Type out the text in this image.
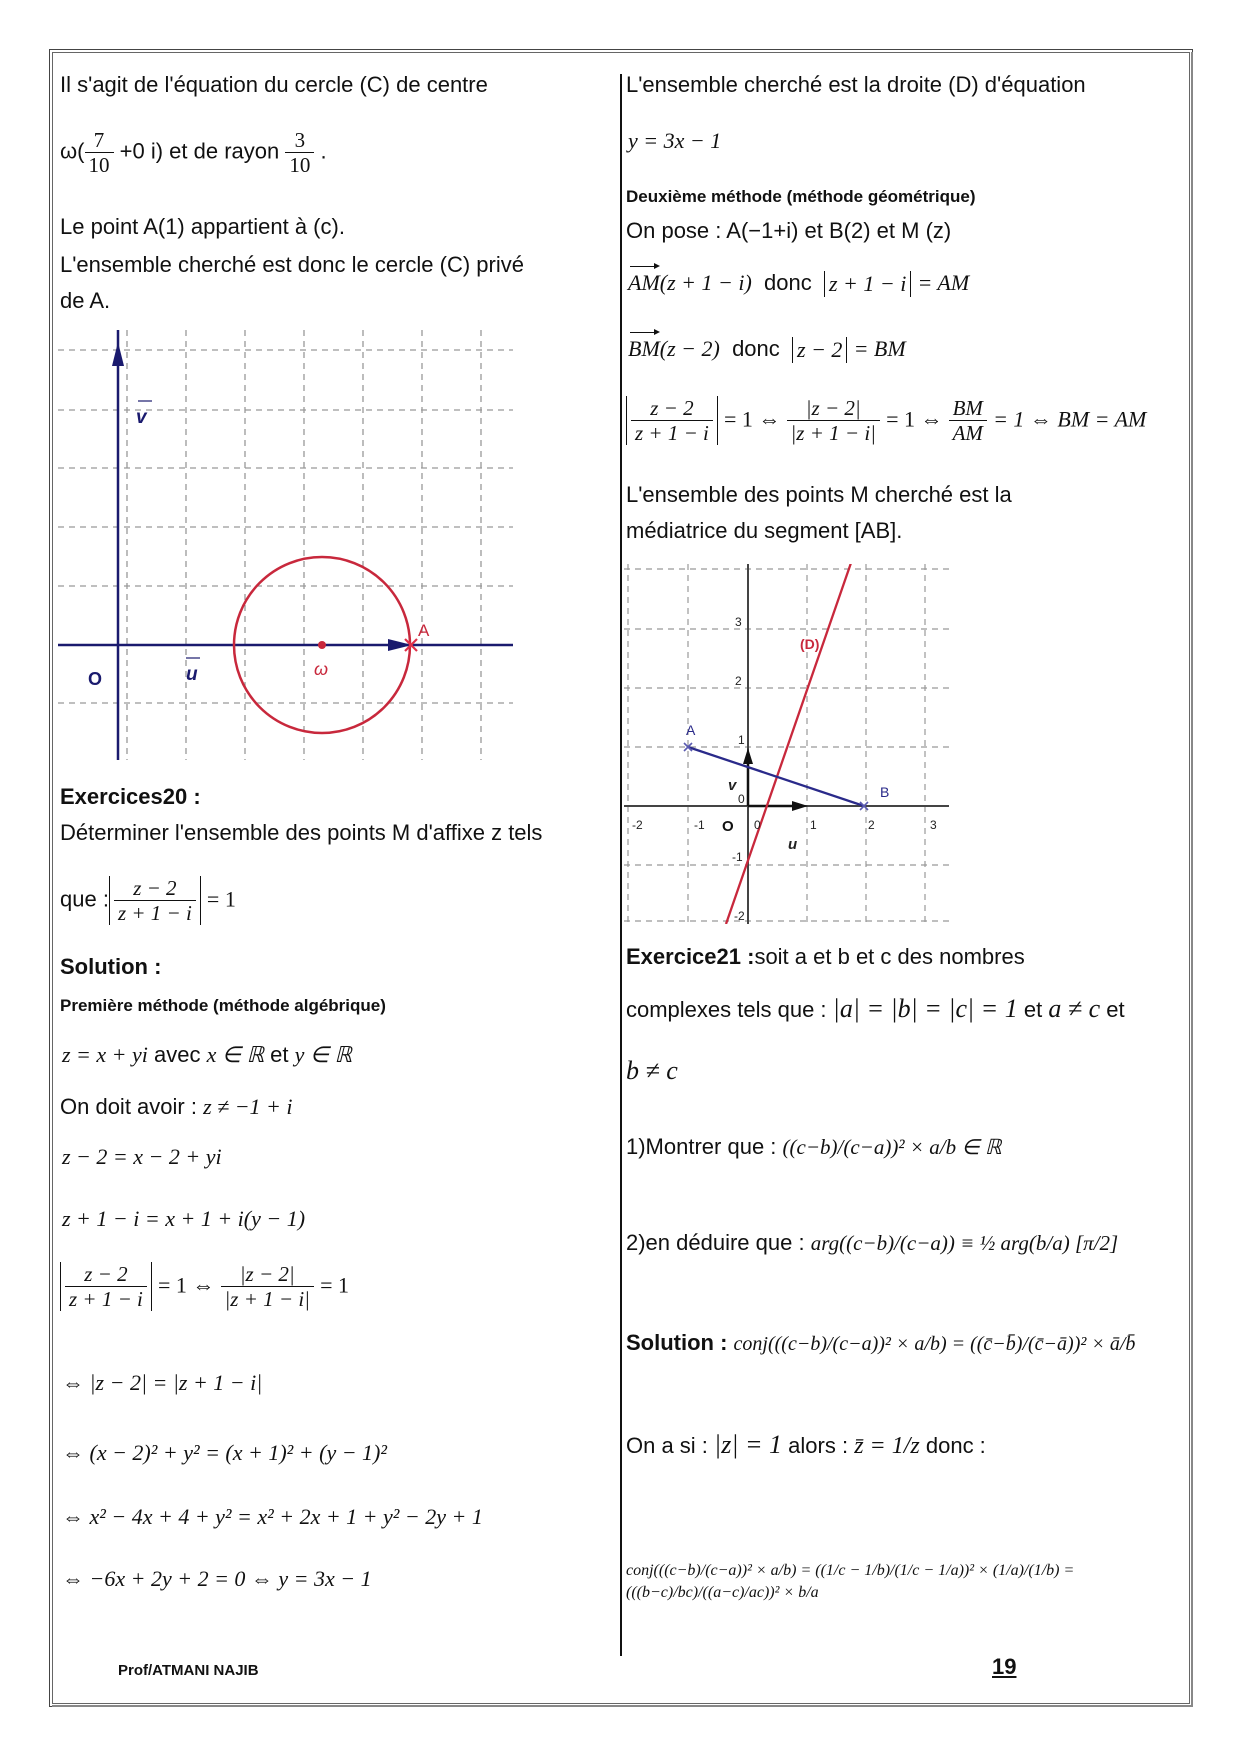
Il s'agit de l'équation du cercle (C) de centre
$\omega( \frac{7}{10} +0$ i) et de rayon $\frac{3}{10}$ .
Le point A(1) appartient à (c).
L'ensemble cherché est donc le cercle (C) privé
de A.
A
ω
O	u
v
Exercices20 :
Déterminer l'ensemble des points M d'affixe z tels
que : $\frac{z - 2}{z + 1 - i} = 1$
Solution :
Première méthode (méthode algébrique)
z = x + yi avec x ∈ ℝ et y ∈ ℝ
On doit avoir : z ≠ −1 + i
z − 2 = x − 2 + yi
z + 1 − i = x + 1 + i(y − 1)
$\frac{z - 2}{z + 1 - i} = 1$ ⇔ $\frac{|z - 2|}{|z + 1 - i|} = 1$
⇔ |z − 2| = |z + 1 − i|
⇔ (x − 2)² + y² = (x + 1)² + (y − 1)²
⇔ x² − 4x + 4 + y² = x² + 2x + 1 + y² − 2y + 1
⇔ −6x + 2y + 2 = 0 ⇔ y = 3x − 1
L'ensemble cherché est la droite (D) d'équation
y = 3x − 1
Deuxième méthode (méthode géométrique)
On pose : A(−1+i) et B(2) et M (z)
AM(z + 1 − i) donc z + 1 − i = AM
BM(z − 2) donc z − 2 = BM
$\frac{z - 2}{z + 1 - i} = 1$ ⇔ $\frac{|z - 2|}{|z + 1 - i|} = 1$ ⇔ $\frac{BM}{AM} = 1$ ⇔ BM = AM
L'ensemble des points M cherché est la
médiatrice du segment [AB].
(D)
A
B
O
u
v
-2	-1	0	1	2	3
3
2
1
0
-1
-2
Exercice21 :soit a et b et c des nombres
complexes tels que : |a| = |b| = |c| = 1 et a ≠ c et
b ≠ c
1)Montrer que : ((c−b)/(c−a))² × a/b ∈ ℝ
2)en déduire que : arg((c−b)/(c−a)) ≡ ½ arg(b/a) [π/2]
Solution : conj(((c−b)/(c−a))² × a/b) = ((c̄−b̄)/(c̄−ā))² × ā/b̄
On a si : |z| = 1 alors : z̄ = 1/z donc :
conj(((c−b)/(c−a))² × a/b) = ((1/c − 1/b)/(1/c − 1/a))² × (1/a)/(1/b) = (((b−c)/bc)/((a−c)/ac))² × b/a
Prof/ATMANI NAJIB	19
